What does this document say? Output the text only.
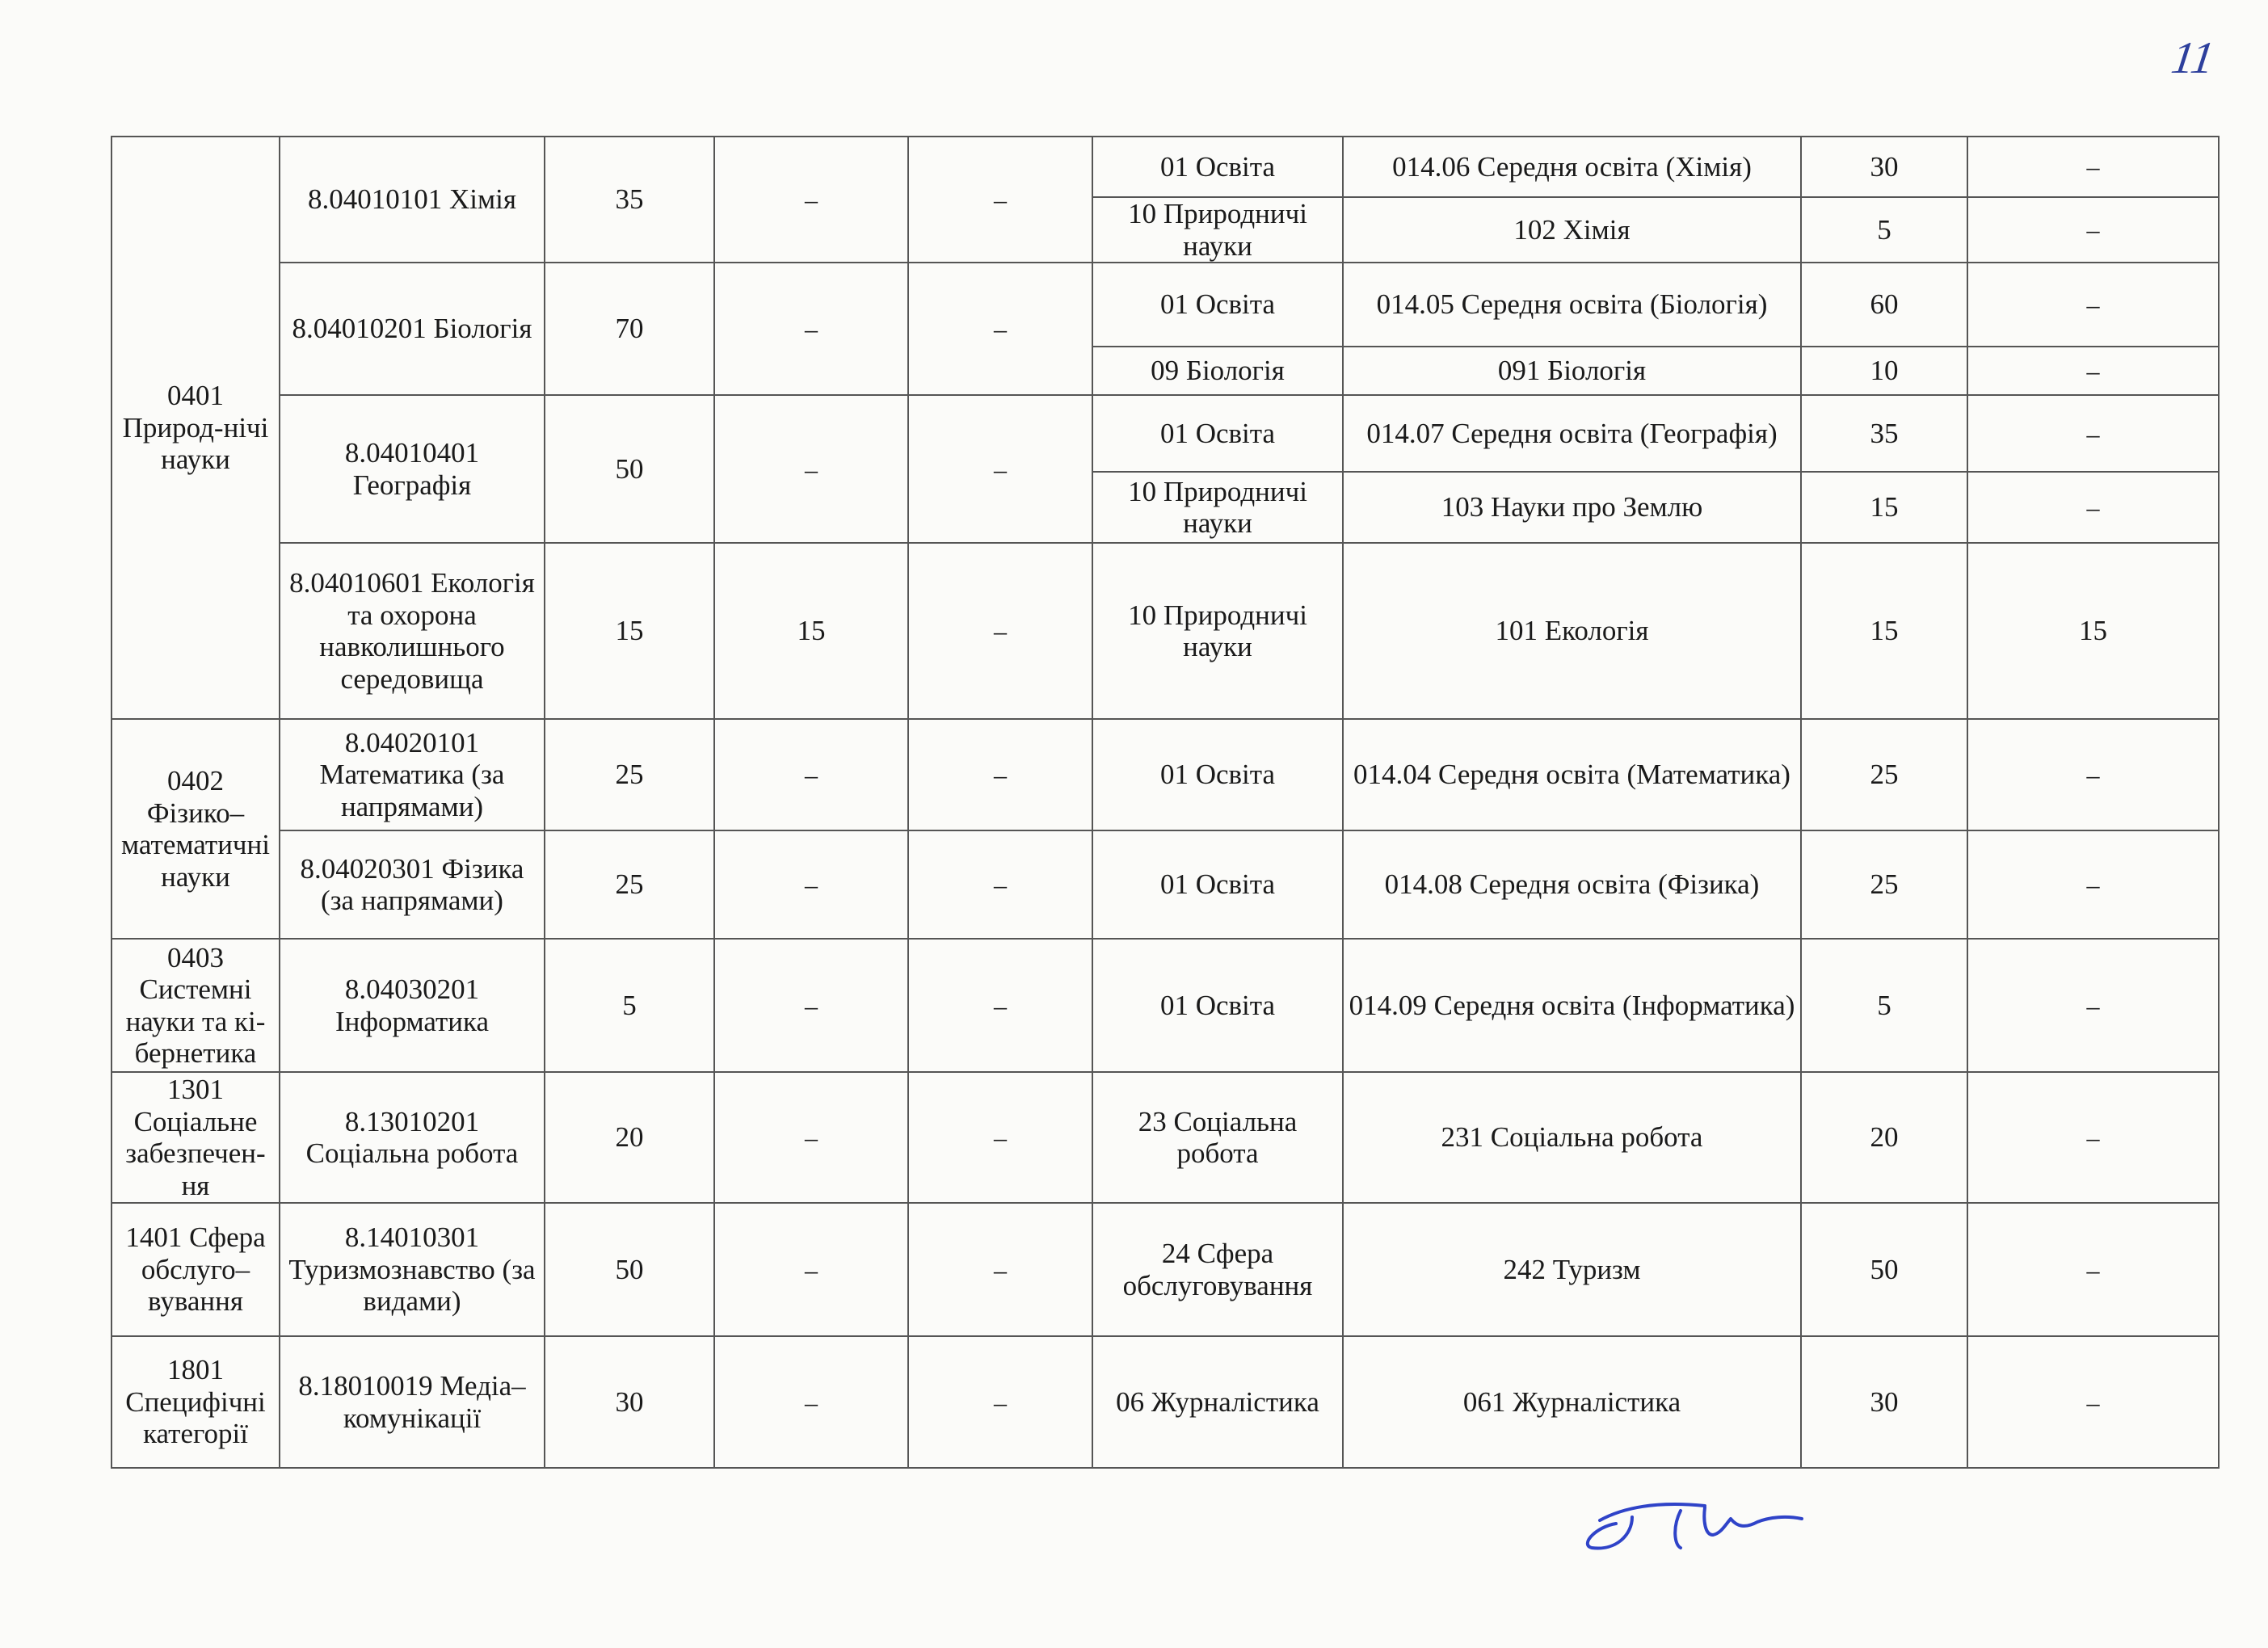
11
0401 Природ-нічі науки	8.04010101 Хімія	35	–	–	01 Освіта	014.06 Середня освіта (Хімія)	30	–
					10 Природничі науки	102 Хімія	5	–
	8.04010201 Біологія	70	–	–	01 Освіта	014.05 Середня освіта (Біологія)	60	–
					09 Біологія	091 Біологія	10	–
	8.04010401 Географія	50	–	–	01 Освіта	014.07 Середня освіта (Географія)	35	–
					10 Природничі науки	103 Науки про Землю	15	–
	8.04010601 Екологія та охорона навколишнього середовища	15	15	–	10 Природничі науки	101 Екологія	15	15
0402 Фізико–математичні науки	8.04020101 Математика (за напрямами)	25	–	–	01 Освіта	014.04 Середня освіта (Математика)	25	–
	8.04020301 Фізика (за напрямами)	25	–	–	01 Освіта	014.08 Середня освіта (Фізика)	25	–
0403 Системні науки та кі-бернетика	8.04030201 Інформатика	5	–	–	01 Освіта	014.09 Середня освіта (Інформатика)	5	–
1301 Соціальне забезпечен-ня	8.13010201 Соціальна робота	20	–	–	23 Соціальна робота	231 Соціальна робота	20	–
1401 Сфера обслуго–вування	8.14010301 Туризмознавство (за видами)	50	–	–	24 Сфера обслуговування	242 Туризм	50	–
1801 Специфічні категорії	8.18010019 Медіа–комунікації	30	–	–	06 Журналістика	061 Журналістика	30	–
